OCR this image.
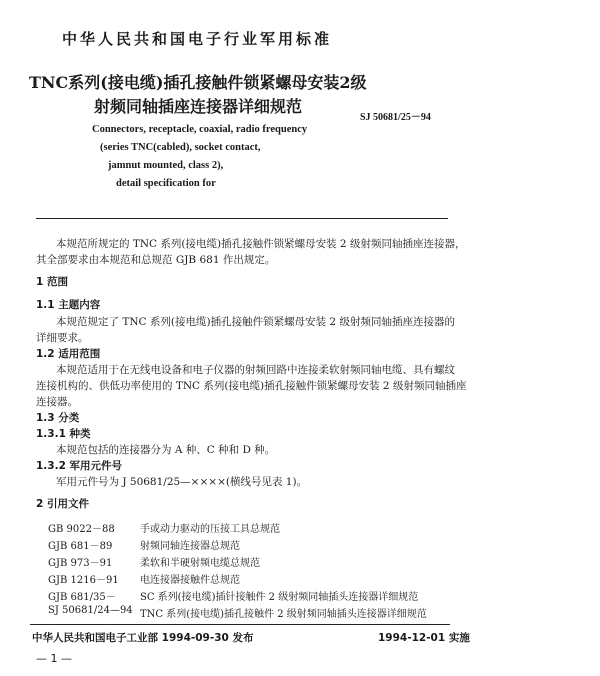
中华人民共和国电子行业军用标准
TNC系列(接电缆)插孔接触件锁紧螺母安装2级
射频同轴插座连接器详细规范
SJ 50681/25－94
Connectors, receptacle, coaxial, radio frequency
(series TNC(cabled), socket contact,
jamnut mounted, class 2),
detail specification for
本规范所规定的 TNC 系列(接电缆)插孔接触件锁紧螺母安装 2 级射频同轴插座连接器，
其全部要求由本规范和总规范 GJB 681 作出规定。
1 范围
1.1 主题内容
本规范规定了 TNC 系列(接电缆)插孔接触件锁紧螺母安装 2 级射频同轴插座连接器的
详细要求。
1.2 适用范围
本规范适用于在无线电设备和电子仪器的射频回路中连接柔软射频同轴电缆、具有螺纹
连接机构的、供低功率使用的 TNC 系列(接电缆)插孔接触件锁紧螺母安装 2 级射频同轴插座
连接器。
1.3 分类
1.3.1 种类
本规范包括的连接器分为 A 种、C 种和 D 种。
1.3.2 军用元件号
军用元件号为 J 50681/25—××××(横线号见表 1)。
2 引用文件
GB 9022－88	手或动力驱动的压接工具总规范
GJB 681－89	射频同轴连接器总规范
GJB 973－91	柔软和半硬射频电缆总规范
GJB 1216－91 电连接器接触件总规范
GJB 681/35－ SC 系列(接电缆)插针接触件 2 级射频同轴插头连接器详细规范
SJ 50681/24—94 TNC 系列(接电缆)插孔接触件 2 级射频同轴插头连接器详细规范
中华人民共和国电子工业部 1994-09-30 发布	1994-12-01 实施
— 1 —
